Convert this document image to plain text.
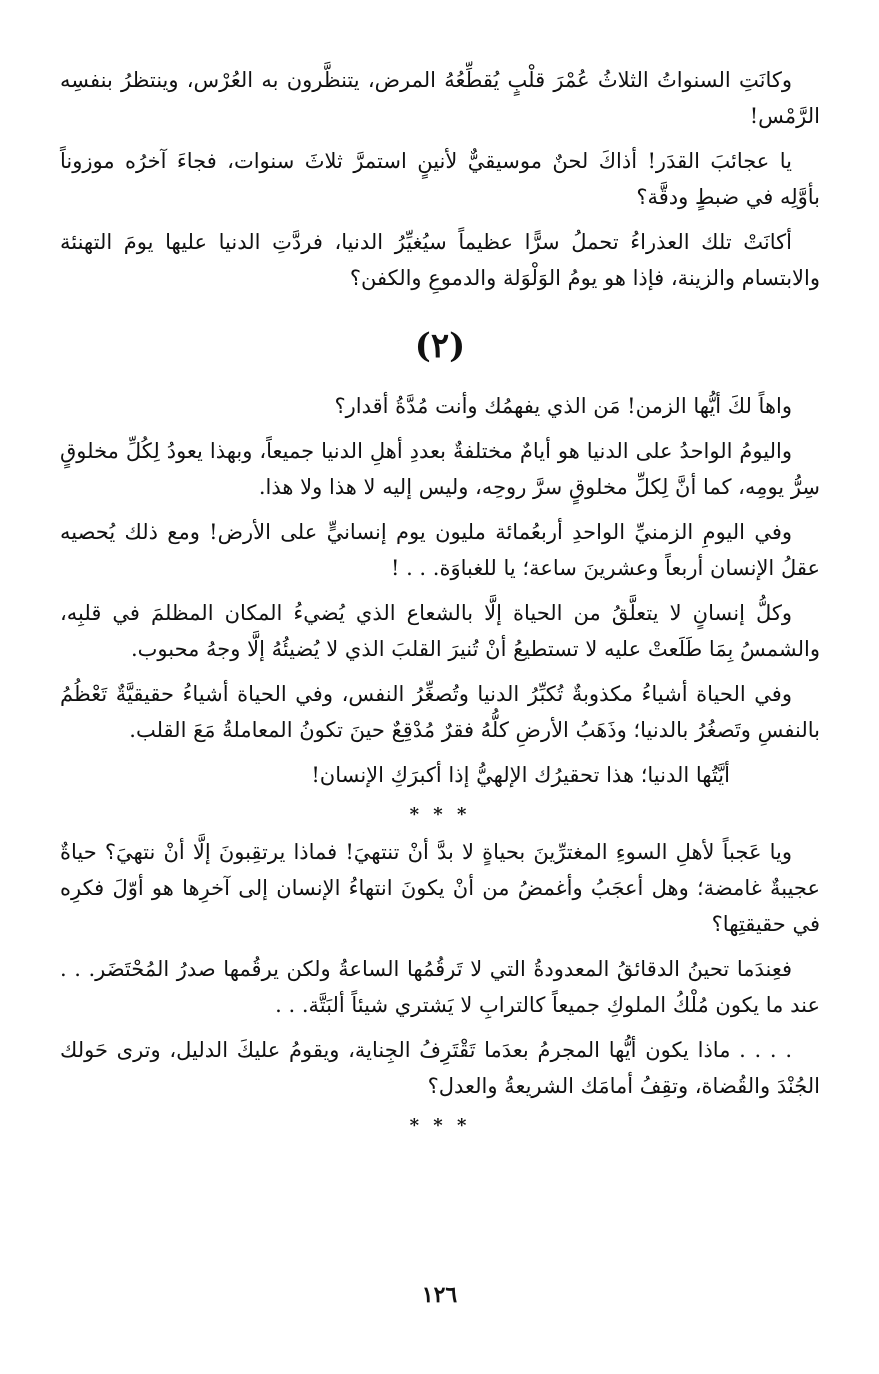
وكانَتِ السنواتُ الثلاثُ عُمْرَ قلْبٍ يُقطِّعُهُ المرض، يتنظَّرون به العُرْس، وينتظرُ بنفسِه الرَّمْس!

يا عجائبَ القدَر! أذاكَ لحنٌ موسيقيٌّ لأنينٍ استمرَّ ثلاثَ سنوات، فجاءَ آخرُه موزوناً بأوَّلِه في ضبطٍ ودقَّة؟

أكانَتْ تلك العذراءُ تحملُ سرًّا عظيماً سيُغيِّرُ الدنيا، فردَّتِ الدنيا عليها يومَ التهنئة والابتسام والزينة، فإذا هو يومُ الوَلْوَلة والدموعِ والكفن؟

(٢)

واهاً لكَ أيُّها الزمن! مَن الذي يفهمُك وأنت مُدَّةُ أقدار؟

واليومُ الواحدُ على الدنيا هو أيامٌ مختلفةٌ بعددِ أهلِ الدنيا جميعاً، وبهذا يعودُ لِكُلِّ مخلوقٍ سِرُّ يومِه، كما أنَّ لِكلِّ مخلوقٍ سرَّ روحِه، وليس إليه لا هذا ولا هذا.

وفي اليومِ الزمنيِّ الواحدِ أربعُمائة مليون يوم إنسانيٍّ على الأرض! ومع ذلك يُحصيه عقلُ الإنسان أربعاً وعشرينَ ساعة؛ يا للغباوَة. . . !

وكلُّ إنسانٍ لا يتعلَّقُ من الحياة إلَّا بالشعاع الذي يُضيءُ المكان المظلمَ في قلبِه، والشمسُ بِمَا طَلَعتْ عليه لا تستطيعُ أنْ تُنيرَ القلبَ الذي لا يُضيئُهُ إلَّا وجهُ محبوب.

وفي الحياة أشياءُ مكذوبةٌ تُكبِّرُ الدنيا وتُصغِّرُ النفس، وفي الحياة أشياءُ حقيقيَّةٌ تَعْظُمُ بالنفسِ وتَصغُرُ بالدنيا؛ وذَهَبُ الأرضِ كلُّهُ فقرٌ مُدْقِعٌ حينَ تكونُ المعاملةُ مَعَ القلب.

أيَّتُها الدنيا؛ هذا تحقيرُك الإلهيُّ إذا أكبرَكِ الإنسان!

* * *

ويا عَجباً لأهلِ السوءِ المغترِّينَ بحياةٍ لا بدَّ أنْ تنتهيَ! فماذا يرتقِبونَ إلَّا أنْ نتهيَ؟ حياةٌ عجيبةٌ غامضة؛ وهل أعجَبُ وأغمضُ من أنْ يكونَ انتهاءُ الإنسان إلى آخرِها هو أوّلَ فكرِه في حقيقتِها؟

فعِندَما تحينُ الدقائقُ المعدودةُ التي لا تَرقُمُها الساعةُ ولكن يرقُمها صدرُ المُحْتَضَر. . . عند ما يكون مُلْكُ الملوكِ جميعاً كالترابِ لا يَشتري شيئاً ألبَتَّة. . .

. . . . ماذا يكون أيُّها المجرمُ بعدَما تَقْتَرِفُ الجِناية، ويقومُ عليكَ الدليل، وترى حَولك الجُنْدَ والقُضاة، وتقِفُ أمامَك الشريعةُ والعدل؟

* * *
١٢٦
